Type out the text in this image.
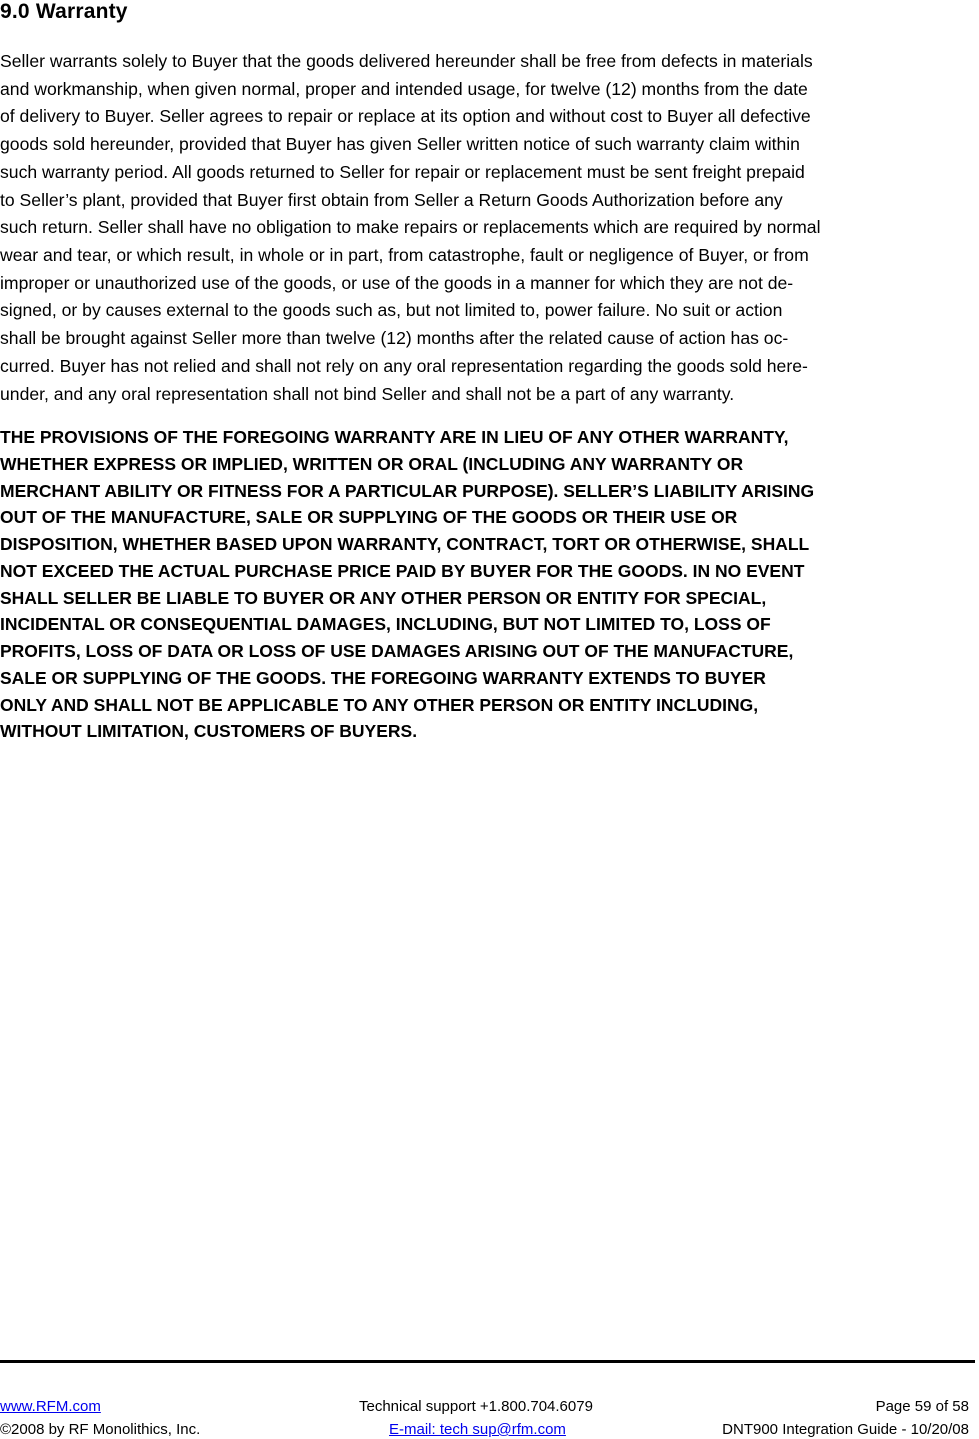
9.0 Warranty

Seller warrants solely to Buyer that the goods delivered hereunder shall be free from defects in materials

and workmanship, when given normal, proper and intended usage, for twelve (12) months from the date

of delivery to Buyer. Seller agrees to repair or replace at its option and without cost to Buyer all defective

goods sold hereunder, provided that Buyer has given Seller written notice of such warranty claim within

such warranty period. All goods returned to Seller for repair or replacement must be sent freight prepaid

to Seller’s plant, provided that Buyer first obtain from Seller a Return Goods Authorization before any

such return. Seller shall have no obligation to make repairs or replacements which are required by normal

wear and tear, or which result, in whole or in part, from catastrophe, fault or negligence of Buyer, or from

improper or unauthorized use of the goods, or use of the goods in a manner for which they are not de-

signed, or by causes external to the goods such as, but not limited to, power failure. No suit or action

shall be brought against Seller more than twelve (12) months after the related cause of action has oc-

curred. Buyer has not relied and shall not rely on any oral representation regarding the goods sold here-

under, and any oral representation shall not bind Seller and shall not be a part of any warranty.

THE PROVISIONS OF THE FOREGOING WARRANTY ARE IN LIEU OF ANY OTHER WARRANTY,

WHETHER EXPRESS OR IMPLIED, WRITTEN OR ORAL (INCLUDING ANY WARRANTY OR

MERCHANT ABILITY OR FITNESS FOR A PARTICULAR PURPOSE). SELLER’S LIABILITY ARISING

OUT OF THE MANUFACTURE, SALE OR SUPPLYING OF THE GOODS OR THEIR USE OR

DISPOSITION, WHETHER BASED UPON WARRANTY, CONTRACT, TORT OR OTHERWISE, SHALL

NOT EXCEED THE ACTUAL PURCHASE PRICE PAID BY BUYER FOR THE GOODS. IN NO EVENT

SHALL SELLER BE LIABLE TO BUYER OR ANY OTHER PERSON OR ENTITY FOR SPECIAL,

INCIDENTAL OR CONSEQUENTIAL DAMAGES, INCLUDING, BUT NOT LIMITED TO, LOSS OF

PROFITS, LOSS OF DATA OR LOSS OF USE DAMAGES ARISING OUT OF THE MANUFACTURE,

SALE OR SUPPLYING OF THE GOODS. THE FOREGOING WARRANTY EXTENDS TO BUYER

ONLY AND SHALL NOT BE APPLICABLE TO ANY OTHER PERSON OR ENTITY INCLUDING,

WITHOUT LIMITATION, CUSTOMERS OF BUYERS.

www.RFM.com

©2008 by RF Monolithics, Inc.

Technical support +1.800.704.6079

E-mail: tech sup@rfm.com

Page 59 of 58

DNT900 Integration Guide - 10/20/08
